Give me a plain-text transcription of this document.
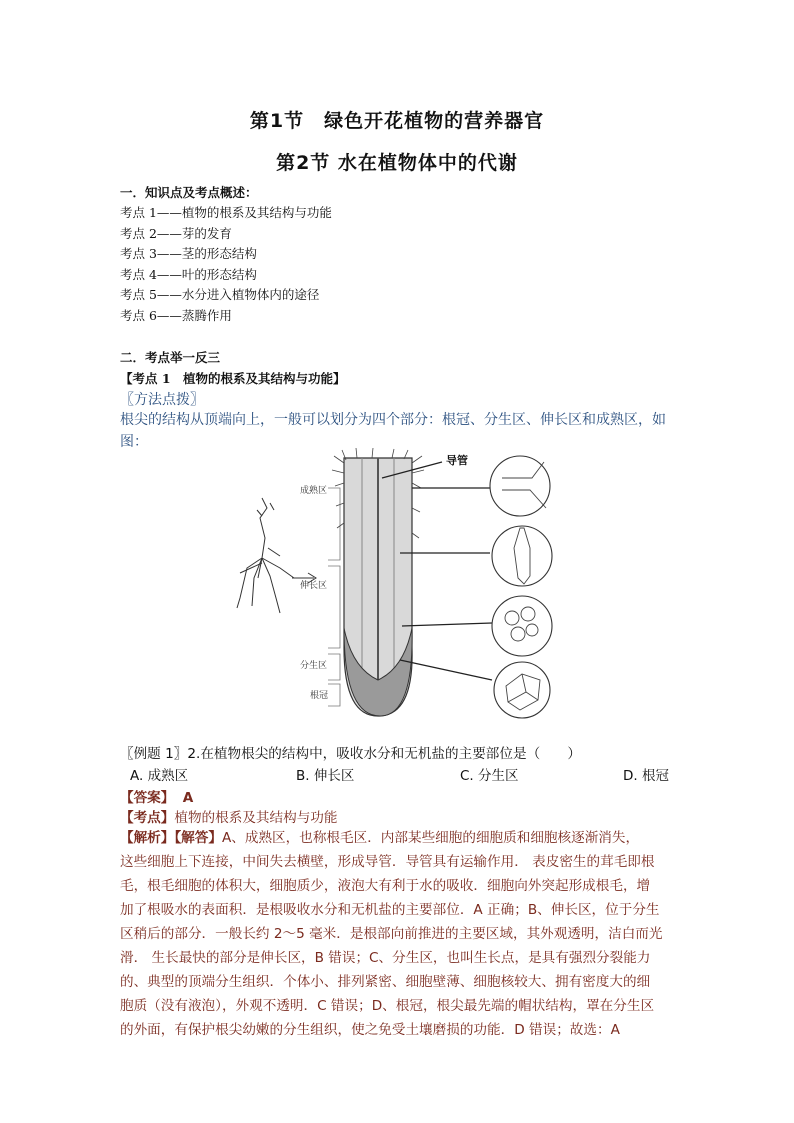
第1节　绿色开花植物的营养器官
第2节 水在植物体中的代谢
一．知识点及考点概述：
考点 1——植物的根系及其结构与功能
考点 2——芽的发育
考点 3——茎的形态结构
考点 4——叶的形态结构
考点 5——水分进入植物体内的途径
考点 6——蒸腾作用
二．考点举一反三
【考点 1　植物的根系及其结构与功能】
〖方法点拨〗
根尖的结构从顶端向上，一般可以划分为四个部分：根冠、分生区、伸长区和成熟区，如图：
成熟区
伸长区
分生区
根冠
导管
〖例题 1〗2.在植物根尖的结构中，吸收水分和无机盐的主要部位是（　　）
A. 成熟区	B. 伸长区	C. 分生区	D. 根冠
【答案】 A
【考点】植物的根系及其结构与功能
【解析】【解答】A、成熟区，也称根毛区．内部某些细胞的细胞质和细胞核逐渐消失，
这些细胞上下连接，中间失去横壁，形成导管．导管具有运输作用． 表皮密生的茸毛即根
毛，根毛细胞的体积大，细胞质少，液泡大有利于水的吸收．细胞向外突起形成根毛，增
加了根吸水的表面积．是根吸收水分和无机盐的主要部位．A 正确；B、伸长区，位于分生
区稍后的部分．一般长约 2～5 毫米．是根部向前推进的主要区域，其外观透明，洁白而光
滑． 生长最快的部分是伸长区，B 错误；C、分生区，也叫生长点，是具有强烈分裂能力
的、典型的顶端分生组织．个体小、排列紧密、细胞壁薄、细胞核较大、拥有密度大的细
胞质（没有液泡），外观不透明．C 错误；D、根冠，根尖最先端的帽状结构，罩在分生区
的外面，有保护根尖幼嫩的分生组织，使之免受土壤磨损的功能．D 错误；故选：A
